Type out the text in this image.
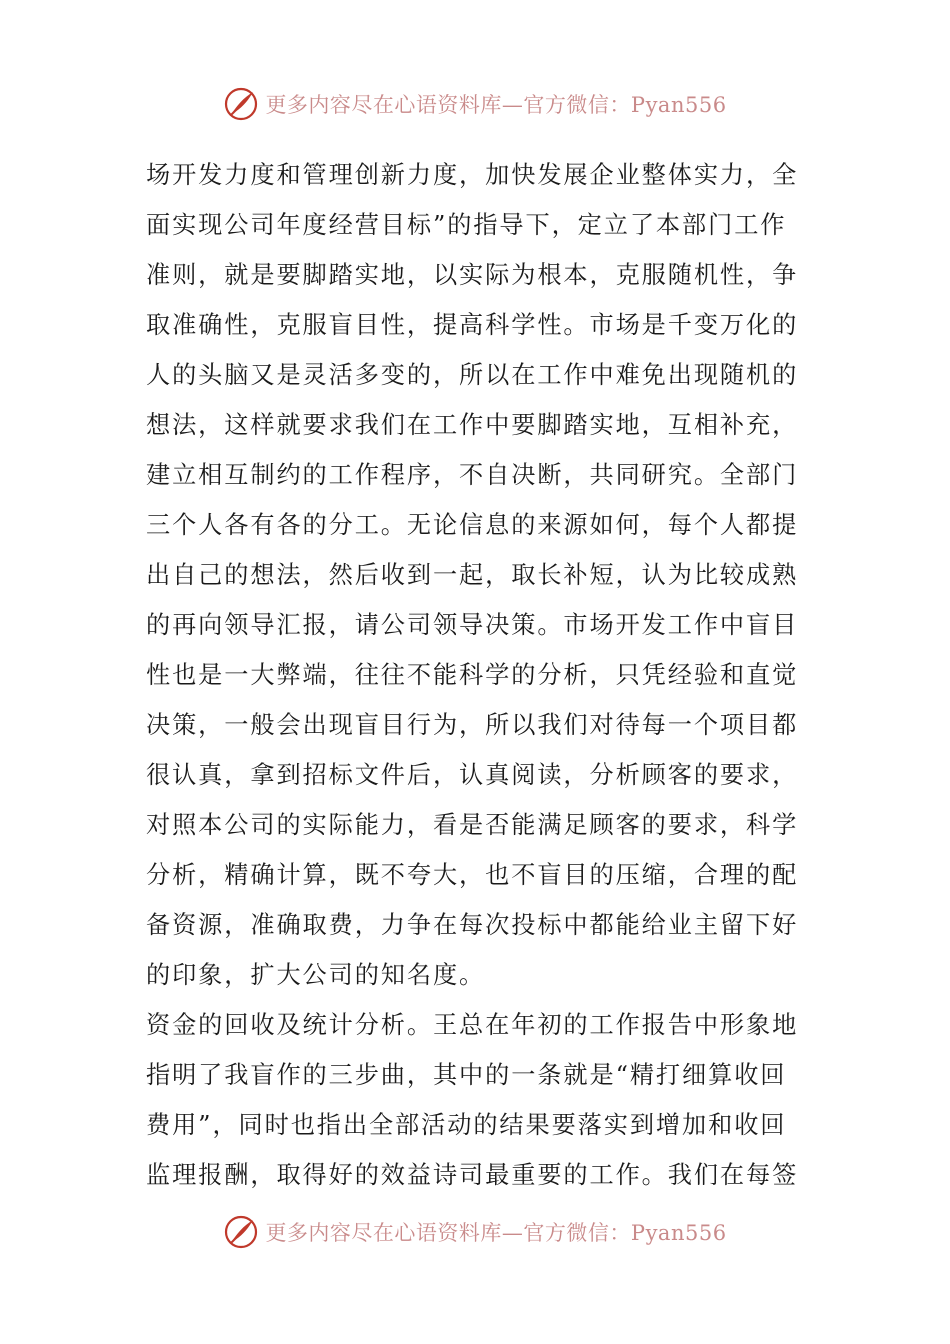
更多内容尽在心语资料库—官方微信：Pyan556
场开发力度和管理创新力度，加快发展企业整体实力，全
面实现公司年度经营目标”的指导下，定立了本部门工作
准则，就是要脚踏实地，以实际为根本，克服随机性，争
取准确性，克服盲目性，提高科学性。市场是千变万化的
人的头脑又是灵活多变的，所以在工作中难免出现随机的
想法，这样就要求我们在工作中要脚踏实地，互相补充，
建立相互制约的工作程序，不自决断，共同研究。全部门
三个人各有各的分工。无论信息的来源如何，每个人都提
出自己的想法，然后收到一起，取长补短，认为比较成熟
的再向领导汇报，请公司领导决策。市场开发工作中盲目
性也是一大弊端，往往不能科学的分析，只凭经验和直觉
决策，一般会出现盲目行为，所以我们对待每一个项目都
很认真，拿到招标文件后，认真阅读，分析顾客的要求，
对照本公司的实际能力，看是否能满足顾客的要求，科学
分析，精确计算，既不夸大，也不盲目的压缩，合理的配
备资源，准确取费，力争在每次投标中都能给业主留下好
的印象，扩大公司的知名度。
资金的回收及统计分析。王总在年初的工作报告中形象地
指明了我盲作的三步曲，其中的一条就是“精打细算收回
费用”，同时也指出全部活动的结果要落实到增加和收回
监理报酬，取得好的效益诗司最重要的工作。我们在每签
更多内容尽在心语资料库—官方微信：Pyan556
